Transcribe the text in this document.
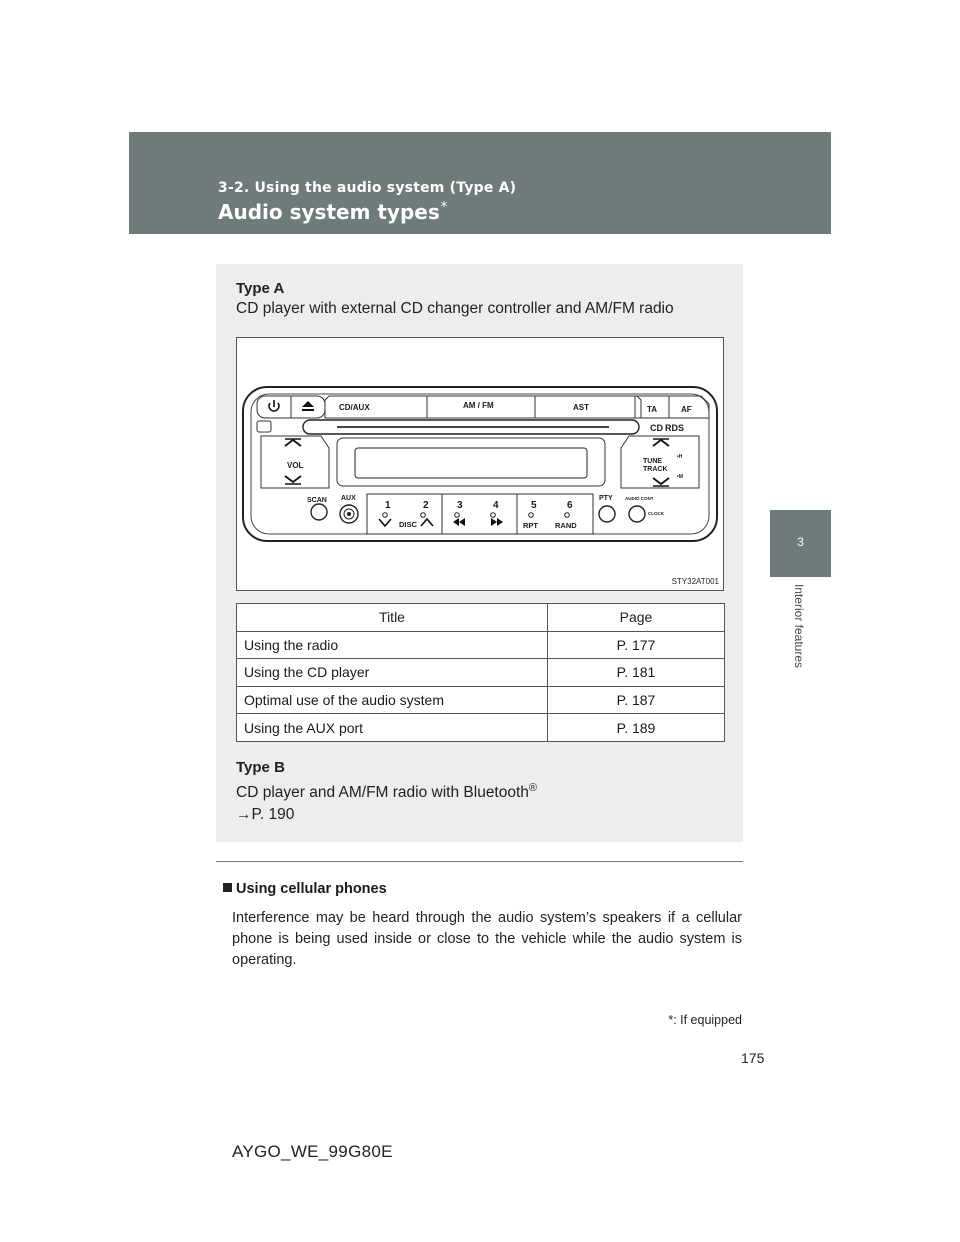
3-2. Using the audio system (Type A)
Audio system types*
3
Interior features
Type A
CD player with external CD changer controller and AM/FM radio
CD/AUX	AM / FM	AST	TA	AF
CD RDS
VOL	TUNE
TRACK
•H
•M
SCAN AUX
1	2	3	4	5	6
DISC	RPT RAND
PTY	AUDIO CONT
CLOCK
STY32AT001
Title	Page
Using the radio	P. 177
Using the CD player	P. 181
Optimal use of the audio system	P. 187
Using the AUX port	P. 189
Type B
CD player and AM/FM radio with Bluetooth®
→P. 190
Using cellular phones
Interference may be heard through the audio system’s speakers if a cellular phone is being used inside or close to the vehicle while the audio system is operating.
*: If equipped
175
AYGO_WE_99G80E
